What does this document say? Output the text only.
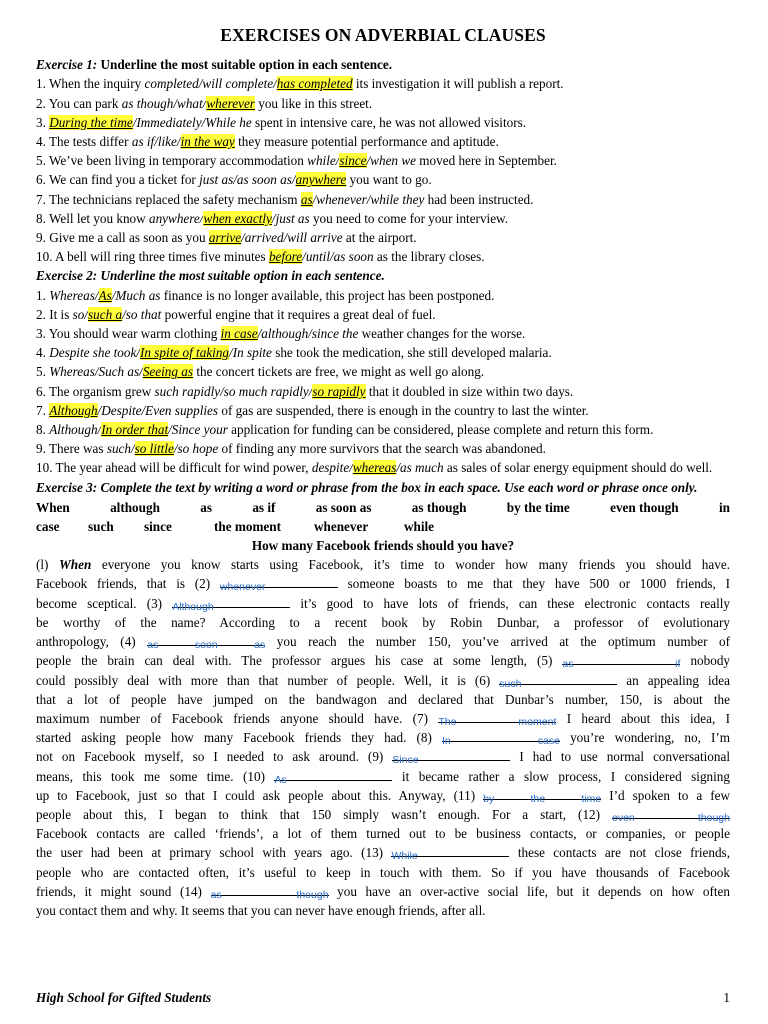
EXERCISES ON ADVERBIAL CLAUSES
Exercise 1: Underline the most suitable option in each sentence.
1. When the inquiry completed/will complete/has completed its investigation it will publish a report.
2. You can park as though/what/wherever you like in this street.
3. During the time/Immediately/While he spent in intensive care, he was not allowed visitors.
4. The tests differ as if/like/in the way they measure potential performance and aptitude.
5. We’ve been living in temporary accommodation while/since/when we moved here in September.
6. We can find you a ticket for just as/as soon as/anywhere you want to go.
7. The technicians replaced the safety mechanism as/whenever/while they had been instructed.
8. Well let you know anywhere/when exactly/just as you need to come for your interview.
9. Give me a call as soon as you arrive/arrived/will arrive at the airport.
10. A bell will ring three times five minutes before/until/as soon as the library closes.
Exercise 2: Underline the most suitable option in each sentence.
1. Whereas/As/Much as finance is no longer available, this project has been postponed.
2. It is so/such a/so that powerful engine that it requires a great deal of fuel.
3. You should wear warm clothing in case/although/since the weather changes for the worse.
4. Despite she took/In spite of taking/In spite she took the medication, she still developed malaria.
5. Whereas/Such as/Seeing as the concert tickets are free, we might as well go along.
6. The organism grew such rapidly/so much rapidly/so rapidly that it doubled in size within two days.
7. Although/Despite/Even supplies of gas are suspended, there is enough in the country to last the winter.
8. Although/In order that/Since your application for funding can be considered, please complete and return this form.
9. There was such/so little/so hope of finding any more survivors that the search was abandoned.
10. The year ahead will be difficult for wind power, despite/whereas/as much as sales of solar energy equipment should do well.
Exercise 3: Complete the text by writing a word or phrase from the box in each space. Use each word or phrase once only.
When	although	as	as if	as soon as	as though	by the time	even though	in
case such since	the moment whenever	while
How many Facebook friends should you have?
(l) When everyone you know starts using Facebook, it’s time to wonder how many friends you should have.
Facebook friends, that is (2) whenever	someone boasts to me that they have 500 or 1000 friends, I
become sceptical. (3) Although	it’s good to have lots of friends, can these electronic contacts really
be worthy of the name? According to a recent book by Robin Dunbar, a professor of evolutionary
anthropology, (4) as soon as you reach the number 150, you’ve arrived at the optimum number of
people the brain can deal with. The professor argues his case at some length, (5) as if nobody
could possibly deal with more than that number of people. Well, it is (6) such	an appealing idea
that a lot of people have jumped on the bandwagon and declared that Dunbar’s number, 150, is about the
maximum number of Facebook friends anyone should have. (7) The moment I heard about this idea, I
started asking people how many Facebook friends they had. (8) In case you’re wondering, no, I’m
not on Facebook myself, so I needed to ask around. (9) Since	I had to use normal conversational
means, this took me some time. (10) As	it became rather a slow process, I considered signing
up to Facebook, just so that I could ask people about this. Anyway, (11) by the time I’d spoken to a few
people about this, I began to think that 150 simply wasn’t enough. For a start, (12) even though
Facebook contacts are called ‘friends’, a lot of them turned out to be business contacts, or companies, or people
the user had been at primary school with years ago. (13) While	these contacts are not close friends,
people who are contacted often, it’s useful to keep in touch with them. So if you have thousands of Facebook
friends, it might sound (14) as though you have an over-active social life, but it depends on how often
you contact them and why. It seems that you can never have enough friends, after all.
High School for Gifted Students	1
